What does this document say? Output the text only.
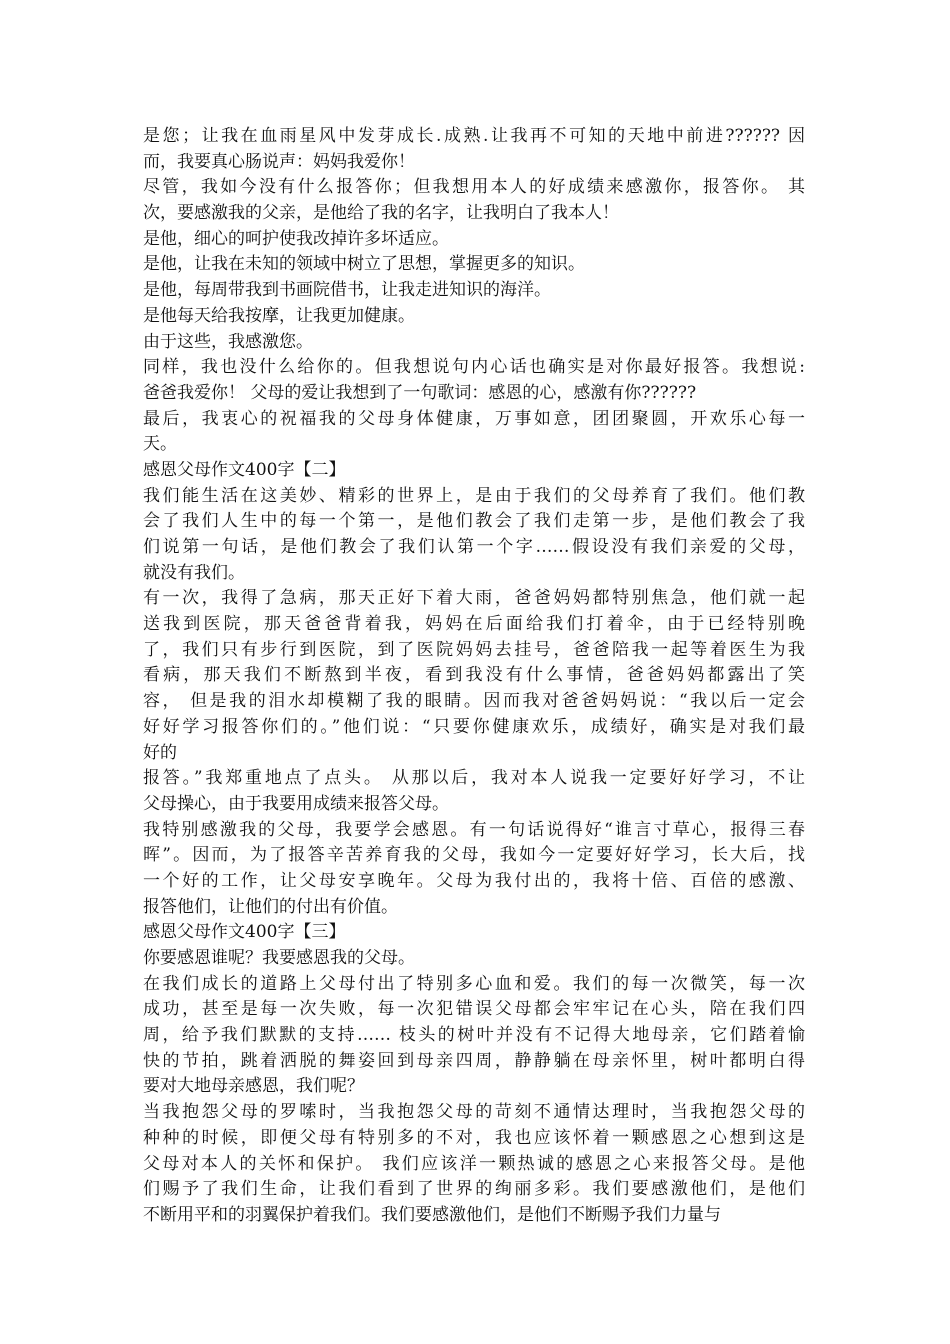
是您；让我在血雨星风中发芽成长.成熟.让我再不可知的天地中前进?????? 因
而，我要真心肠说声：妈妈我爱你！
尽管，我如今没有什么报答你；但我想用本人的好成绩来感激你，报答你。 其
次，要感激我的父亲，是他给了我的名字，让我明白了我本人！
是他，细心的呵护使我改掉许多坏适应。
是他，让我在未知的领域中树立了思想，掌握更多的知识。
是他，每周带我到书画院借书，让我走进知识的海洋。
是他每天给我按摩，让我更加健康。
由于这些，我感激您。
同样，我也没什么给你的。但我想说句内心话也确实是对你最好报答。我想说:
爸爸我爱你！ 父母的爱让我想到了一句歌词：感恩的心，感激有你??????
最后，我衷心的祝福我的父母身体健康，万事如意，团团聚圆，开欢乐心每一
天。
感恩父母作文400字【二】
我们能生活在这美妙、精彩的世界上，是由于我们的父母养育了我们。他们教
会了我们人生中的每一个第一，是他们教会了我们走第一步，是他们教会了我
们说第一句话，是他们教会了我们认第一个字……假设没有我们亲爱的父母，
就没有我们。
有一次，我得了急病，那天正好下着大雨，爸爸妈妈都特别焦急，他们就一起
送我到医院，那天爸爸背着我，妈妈在后面给我们打着伞，由于已经特别晚
了，我们只有步行到医院，到了医院妈妈去挂号，爸爸陪我一起等着医生为我
看病，那天我们不断熬到半夜，看到我没有什么事情，爸爸妈妈都露出了笑
容， 但是我的泪水却模糊了我的眼睛。因而我对爸爸妈妈说：“我以后一定会
好好学习报答你们的。”他们说：“只要你健康欢乐，成绩好，确实是对我们最
好的
报答。”我郑重地点了点头。 从那以后，我对本人说我一定要好好学习，不让
父母操心，由于我要用成绩来报答父母。
我特别感激我的父母，我要学会感恩。有一句话说得好“谁言寸草心，报得三春
晖”。因而，为了报答辛苦养育我的父母，我如今一定要好好学习，长大后，找
一个好的工作，让父母安享晚年。父母为我付出的，我将十倍、百倍的感激、
报答他们，让他们的付出有价值。
感恩父母作文400字【三】
你要感恩谁呢？我要感恩我的父母。
在我们成长的道路上父母付出了特别多心血和爱。我们的每一次微笑，每一次
成功，甚至是每一次失败，每一次犯错误父母都会牢牢记在心头，陪在我们四
周，给予我们默默的支持…… 枝头的树叶并没有不记得大地母亲，它们踏着愉
快的节拍，跳着洒脱的舞姿回到母亲四周，静静躺在母亲怀里，树叶都明白得
要对大地母亲感恩，我们呢？
当我抱怨父母的罗嗦时，当我抱怨父母的苛刻不通情达理时，当我抱怨父母的
种种的时候，即便父母有特别多的不对，我也应该怀着一颗感恩之心想到这是
父母对本人的关怀和保护。 我们应该洋一颗热诚的感恩之心来报答父母。是他
们赐予了我们生命，让我们看到了世界的绚丽多彩。我们要感激他们，是他们
不断用平和的羽翼保护着我们。我们要感激他们，是他们不断赐予我们力量与
